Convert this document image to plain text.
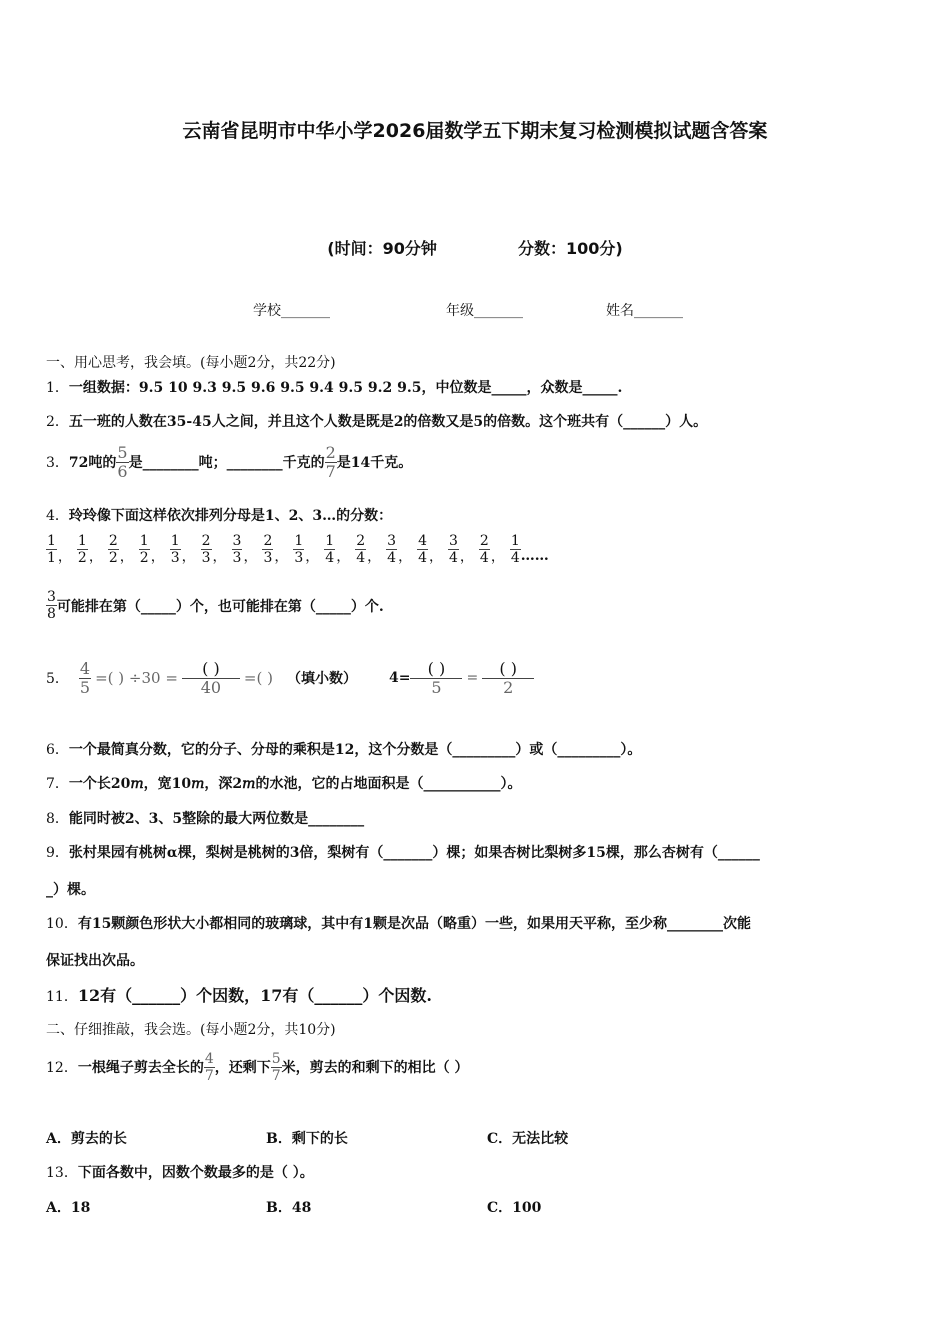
云南省昆明市中华小学2026届数学五下期末复习检测模拟试题含答案
(时间：90分钟	分数：100分)
学校_______	年级_______	姓名_______
一、用心思考，我会填。(每小题2分，共22分)
1．一组数据：9.5 10 9.3 9.5 9.6 9.5 9.4 9.5 9.2 9.5，中位数是_____，众数是_____.
2．五一班的人数在35-45人之间，并且这个人数是既是2的倍数又是5的倍数。这个班共有（______）人。
3． 72吨的 $\frac{5}{6}$ 是________吨；________千克的 $\frac{2}{7}$ 是14千克。
4．玲玲像下面这样依次排列分母是1、2、3…的分数：
$\frac{1}{1}$ ， $\frac{1}{2}$ ， $\frac{2}{2}$ ， $\frac{1}{2}$ ， $\frac{1}{3}$ ， $\frac{2}{3}$ ， $\frac{3}{3}$ ， $\frac{2}{3}$ ， $\frac{1}{3}$ ， $\frac{1}{4}$ ， $\frac{2}{4}$ ， $\frac{3}{4}$ ， $\frac{4}{4}$ ， $\frac{3}{4}$ ， $\frac{2}{4}$ ， $\frac{1}{4}$ ……
$\frac{3}{8}$ 可能排在第（_____）个，也可能排在第（_____）个.
5． $\frac{4}{5}$ =( ) $\div 30 = \frac{( )}{40}$ =( ) （填小数） $4= \frac{( )}{5} = \frac{( )}{2}$
6．一个最简真分数，它的分子、分母的乘积是12，这个分数是（_________）或（_________）。
7．一个长20𝑚，宽10𝑚，深2𝑚的水池，它的占地面积是（___________）。
8．能同时被2、3、5整除的最大两位数是________
9．张村果园有桃树α棵，梨树是桃树的3倍，梨树有（_______）棵；如果杏树比梨树多15棵，那么杏树有（______
_）棵。
10．有15颗颜色形状大小都相同的玻璃球，其中有1颗是次品（略重）一些，如果用天平称，至少称________次能
保证找出次品。
11．12有（______）个因数，17有（______）个因数.
二、仔细推敲，我会选。(每小题2分，共10分)
12． 一根绳子剪去全长的 $\frac{4}{7}$ ，还剩下 $\frac{5}{7}$ 米，剪去的和剩下的相比（ ）
A．剪去的长	B．剩下的长	C．无法比较
13．下面各数中，因数个数最多的是（ ）。
A．18	B．48	C．100
